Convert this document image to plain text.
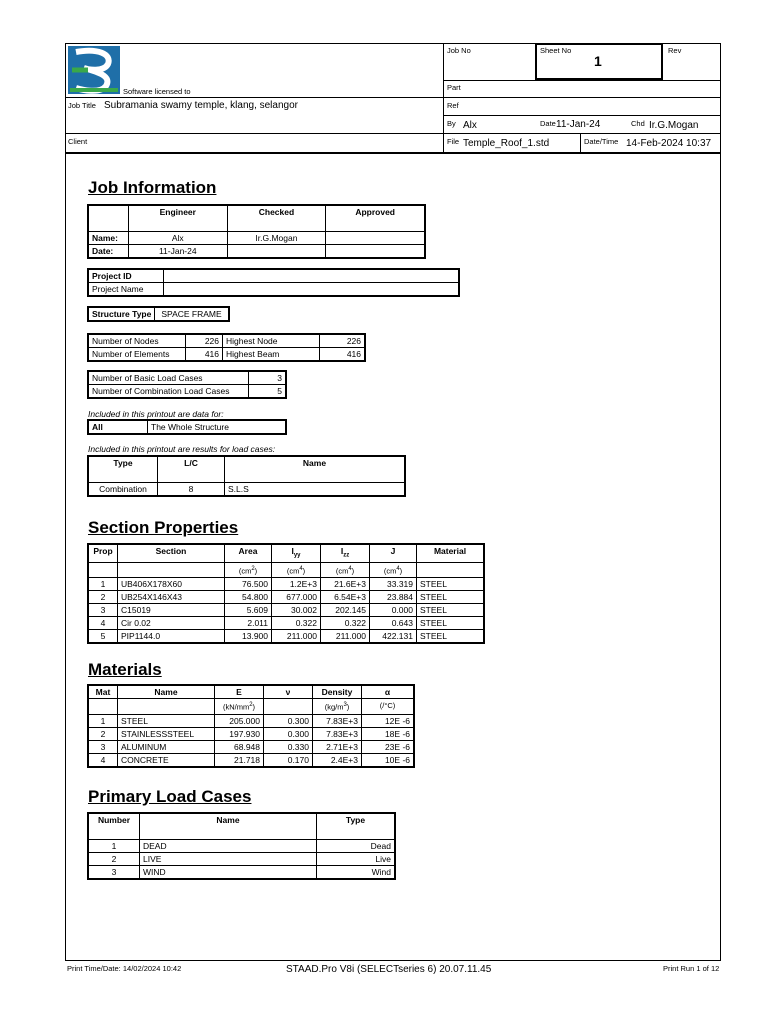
Software licensed to
Job No	Sheet No
1
Rev
Part
Ref
Job Title Subramania swamy temple, klang, selangor
By Alx	Date 11-Jan-24	Chd Ir.G.Mogan
Client	File Temple_Roof_1.std	Date/Time 14-Feb-2024 10:37
Job Information
	Engineer	Checked	Approved
Name:	Alx	Ir.G.Mogan	
Date:	11-Jan-24		
Project ID	
Project Name	
Structure Type	SPACE FRAME
Number of Nodes	226	Highest Node	226
Number of Elements	416	Highest Beam	416
Number of Basic Load Cases	3
Number of Combination Load Cases	5
Included in this printout are data for:
All	The Whole Structure
Included in this printout are results for load cases:
Type	L/C	Name
Combination	8	S.L.S
Section Properties
Prop	Section	Area	$I_{yy}$	$I_{zz}$	J	Material
		$(cm^2)$	$(cm^4)$	$(cm^4)$	$(cm^4)$	
1	UB406X178X60	76.500	1.2E+3	21.6E+3	33.319	STEEL
2	UB254X146X43	54.800	677.000	6.54E+3	23.884	STEEL
3	C15019	5.609	30.002	202.145	0.000	STEEL
4	Cir 0.02	2.011	0.322	0.322	0.643	STEEL
5	PIP1144.0	13.900	211.000	211.000	422.131	STEEL
Materials
Mat	Name	E	ν	Density	α
		$(kN/mm^2)$		$(kg/m^3)$	(/°C)
1	STEEL	205.000	0.300	7.83E+3	12E -6
2	STAINLESSSTEEL	197.930	0.300	7.83E+3	18E -6
3	ALUMINUM	68.948	0.330	2.71E+3	23E -6
4	CONCRETE	21.718	0.170	2.4E+3	10E -6
Primary Load Cases
Number	Name	Type
1	DEAD	Dead
2	LIVE	Live
3	WIND	Wind
Print Time/Date: 14/02/2024 10:42	STAAD.Pro V8i (SELECTseries 6) 20.07.11.45	Print Run 1 of 12
